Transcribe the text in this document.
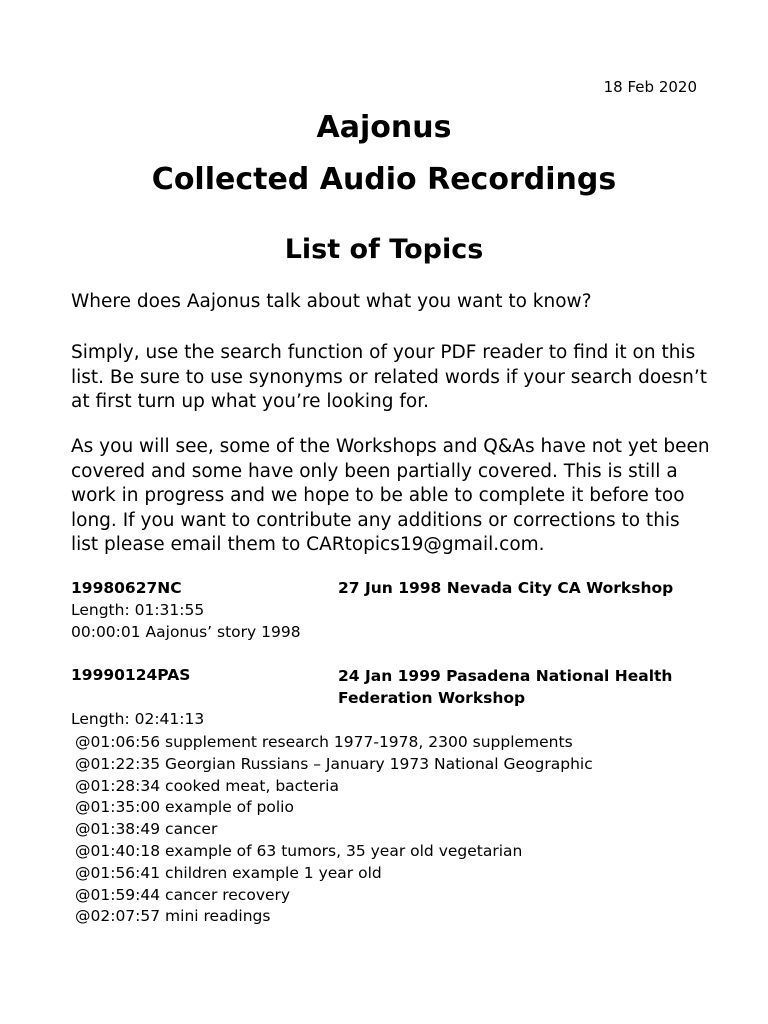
18 Feb 2020
Aajonus
Collected Audio Recordings
List of Topics
Where does Aajonus talk about what you want to know?
Simply, use the search function of your PDF reader to find it on this list. Be sure to use synonyms or related words if your search doesn’t at first turn up what you’re looking for.
As you will see, some of the Workshops and Q&As have not yet been covered and some have only been partially covered. This is still a work in progress and we hope to be able to complete it before too long. If you want to contribute any additions or corrections to this list please email them to CARtopics19@gmail.com.
19980627NC	27 Jun 1998 Nevada City CA Workshop
Length: 01:31:55
00:00:01 Aajonus’ story 1998
19990124PAS	24 Jan 1999 Pasadena National Health Federation Workshop
Length: 02:41:13
@01:06:56 supplement research 1977-1978, 2300 supplements
@01:22:35 Georgian Russians – January 1973 National Geographic
@01:28:34 cooked meat, bacteria
@01:35:00 example of polio
@01:38:49 cancer
@01:40:18 example of 63 tumors, 35 year old vegetarian
@01:56:41 children example 1 year old
@01:59:44 cancer recovery
@02:07:57 mini readings
